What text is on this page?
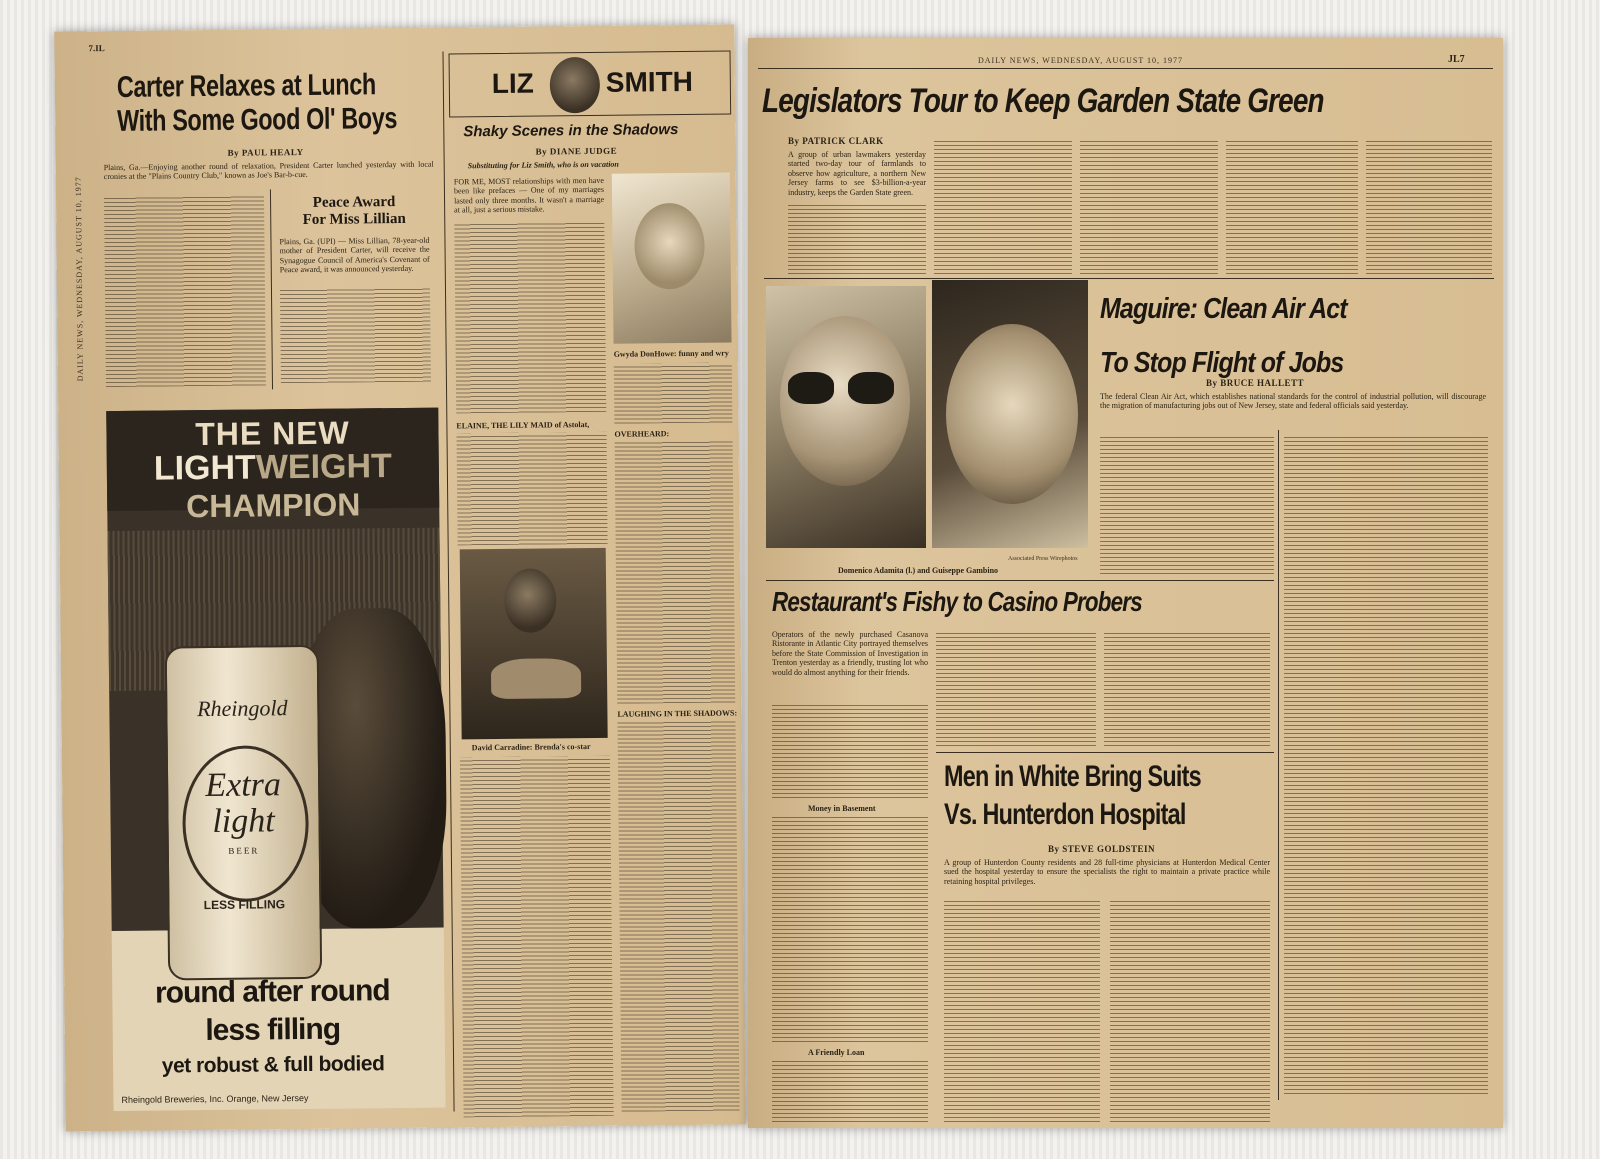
7.IL
DAILY NEWS, WEDNESDAY, AUGUST 10, 1977
Carter Relaxes at Lunch
With Some Good Ol' Boys
By PAUL HEALY
Plains, Ga.—Enjoying another round of relaxation, President Carter lunched yesterday with local cronies at the "Plains Country Club," known as Joe's Bar-b-cue.
Peace Award
For Miss Lillian
Plains, Ga. (UPI) — Miss Lillian, 78-year-old mother of President Carter, will receive the Synagogue Council of America's Covenant of Peace award, it was announced yesterday.
LIZ	SMITH
Shaky Scenes in the Shadows
By DIANE JUDGE
Substituting for Liz Smith, who is on vacation
FOR ME, MOST relationships with men have been like prefaces — One of my marriages lasted only three months. It wasn't a marriage at all, just a serious mistake.
Gwyda DonHowe: funny and wry
ELAINE, THE LILY MAID of Astolat,
David Carradine: Brenda's co-star
OVERHEARD:
LAUGHING IN THE SHADOWS:
THE NEW
LIGHTWEIGHT
CHAMPION
Rheingold
Extra
light
BEER
LESS FILLING
round after round
less filling
yet robust & full bodied
Rheingold Breweries, Inc. Orange, New Jersey
DAILY NEWS, WEDNESDAY, AUGUST 10, 1977	JL7
Legislators Tour to Keep Garden State Green
By PATRICK CLARK
A group of urban lawmakers yesterday started two-day tour of farmlands to observe how agriculture, a northern New Jersey farms to see $3-billion-a-year industry, keeps the Garden State green.
Domenico Adamita (l.) and Guiseppe Gambino
Associated Press Wirephotos
Maguire: Clean Air Act
To Stop Flight of Jobs
By BRUCE HALLETT
The federal Clean Air Act, which establishes national standards for the control of industrial pollution, will discourage the migration of manufacturing jobs out of New Jersey, state and federal officials said yesterday.
Restaurant's Fishy to Casino Probers
Operators of the newly purchased Casanova Ristorante in Atlantic City portrayed themselves before the State Commission of Investigation in Trenton yesterday as a friendly, trusting lot who would do almost anything for their friends.
Money in Basement
A Friendly Loan
Men in White Bring Suits
Vs. Hunterdon Hospital
By STEVE GOLDSTEIN
A group of Hunterdon County residents and 28 full-time physicians at Hunterdon Medical Center sued the hospital yesterday to ensure the specialists the right to maintain a private practice while retaining hospital privileges.
